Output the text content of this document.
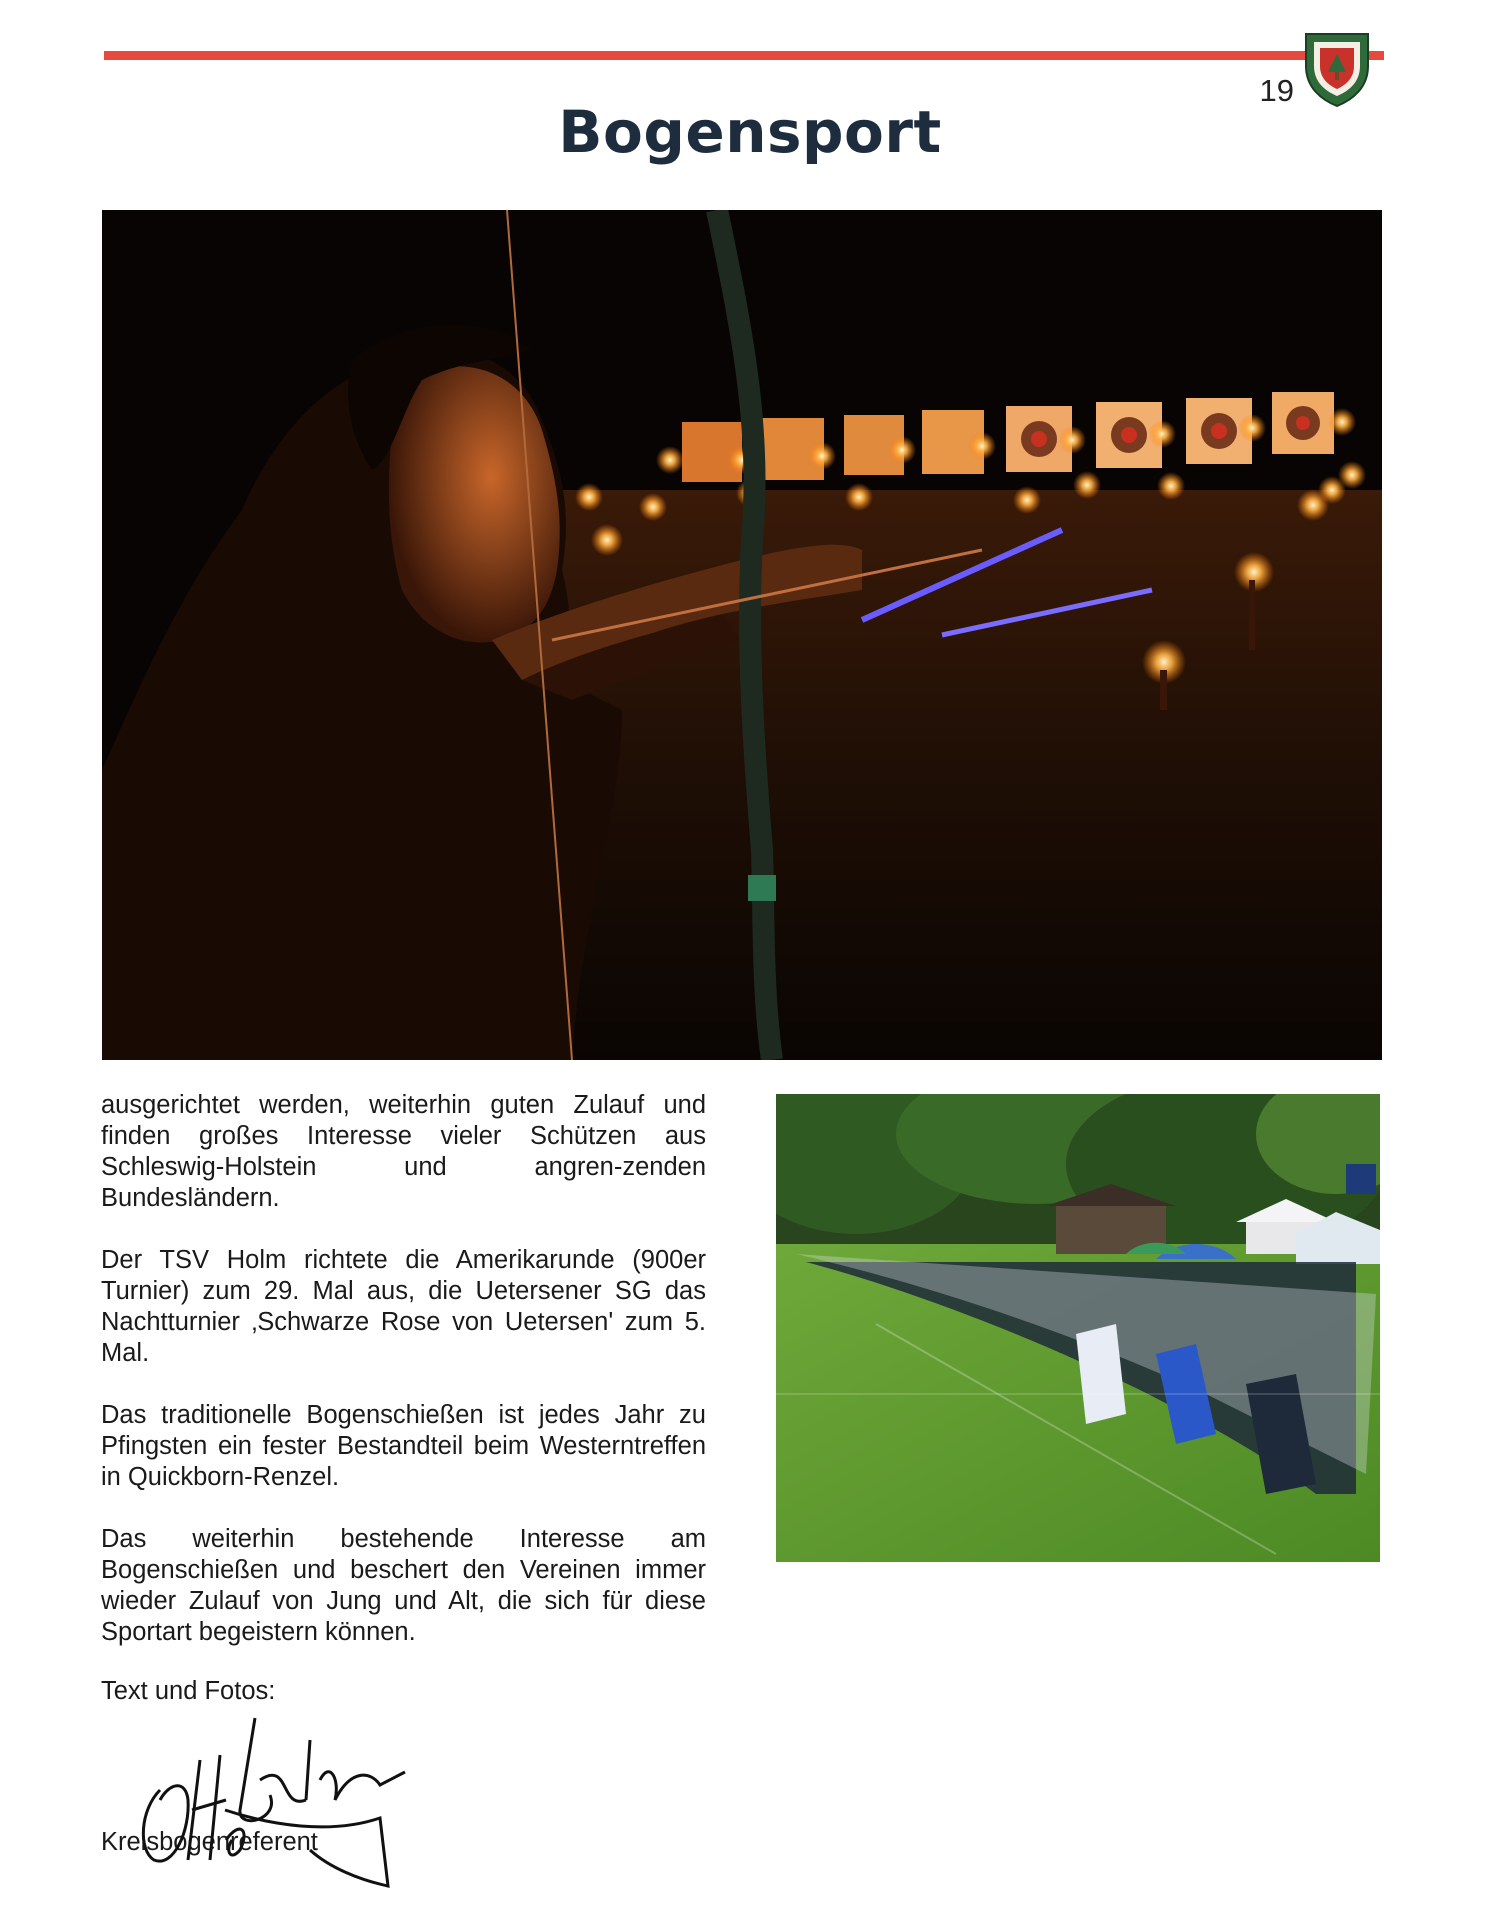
19
Bogensport

ausgerichtet werden, weiterhin guten Zulauf und finden großes Interesse vieler Schützen aus Schleswig-Holstein und angren-zenden Bundesländern.

Der TSV Holm richtete die Amerikarunde (900er Turnier) zum 29. Mal aus, die Uetersener SG das Nachtturnier ‚Schwarze Rose von Uetersen' zum 5. Mal.

Das traditionelle Bogenschießen ist jedes Jahr zu Pfingsten ein fester Bestandteil beim Westerntreffen in Quickborn-Renzel.

Das weiterhin bestehende Interesse am Bogenschießen und beschert den Vereinen immer wieder Zulauf von Jung und Alt, die sich für diese Sportart begeistern können.

Text und Fotos:
Kreisbogenreferent
